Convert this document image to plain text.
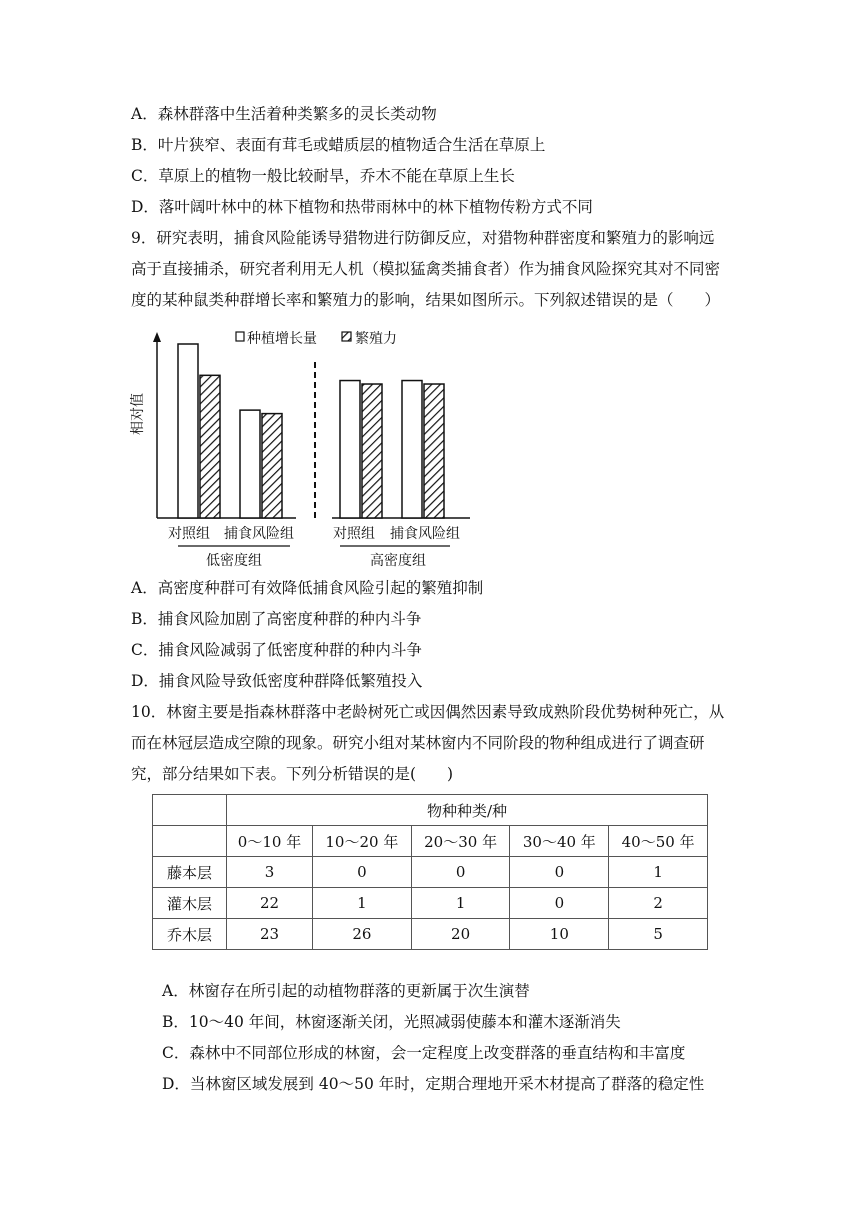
A．森林群落中生活着种类繁多的灵长类动物
B．叶片狭窄、表面有茸毛或蜡质层的植物适合生活在草原上
C．草原上的植物一般比较耐旱，乔木不能在草原上生长
D．落叶阔叶林中的林下植物和热带雨林中的林下植物传粉方式不同
9．研究表明，捕食风险能诱导猎物进行防御反应，对猎物种群密度和繁殖力的影响远
高于直接捕杀，研究者利用无人机（模拟猛禽类捕食者）作为捕食风险探究其对不同密
度的某种鼠类种群增长率和繁殖力的影响，结果如图所示。下列叙述错误的是（　　）
相对值
对照组 捕食风险组	对照组 捕食风险组
低密度组	高密度组
种植增长量	繁殖力
A．高密度种群可有效降低捕食风险引起的繁殖抑制
B．捕食风险加剧了高密度种群的种内斗争
C．捕食风险减弱了低密度种群的种内斗争
D．捕食风险导致低密度种群降低繁殖投入
10．林窗主要是指森林群落中老龄树死亡或因偶然因素导致成熟阶段优势树种死亡，从
而在林冠层造成空隙的现象。研究小组对某林窗内不同阶段的物种组成进行了调查研
究，部分结果如下表。下列分析错误的是(　　)
	物种种类/种				
	0～10 年	10～20 年	20～30 年	30～40 年	40～50 年
藤本层	3	0	0	0	1
灌木层	22	1	1	0	2
乔木层	23	26	20	10	5
A．林窗存在所引起的动植物群落的更新属于次生演替
B．10～40 年间，林窗逐渐关闭，光照减弱使藤本和灌木逐渐消失
C．森林中不同部位形成的林窗，会一定程度上改变群落的垂直结构和丰富度
D．当林窗区域发展到 40～50 年时，定期合理地开采木材提高了群落的稳定性
